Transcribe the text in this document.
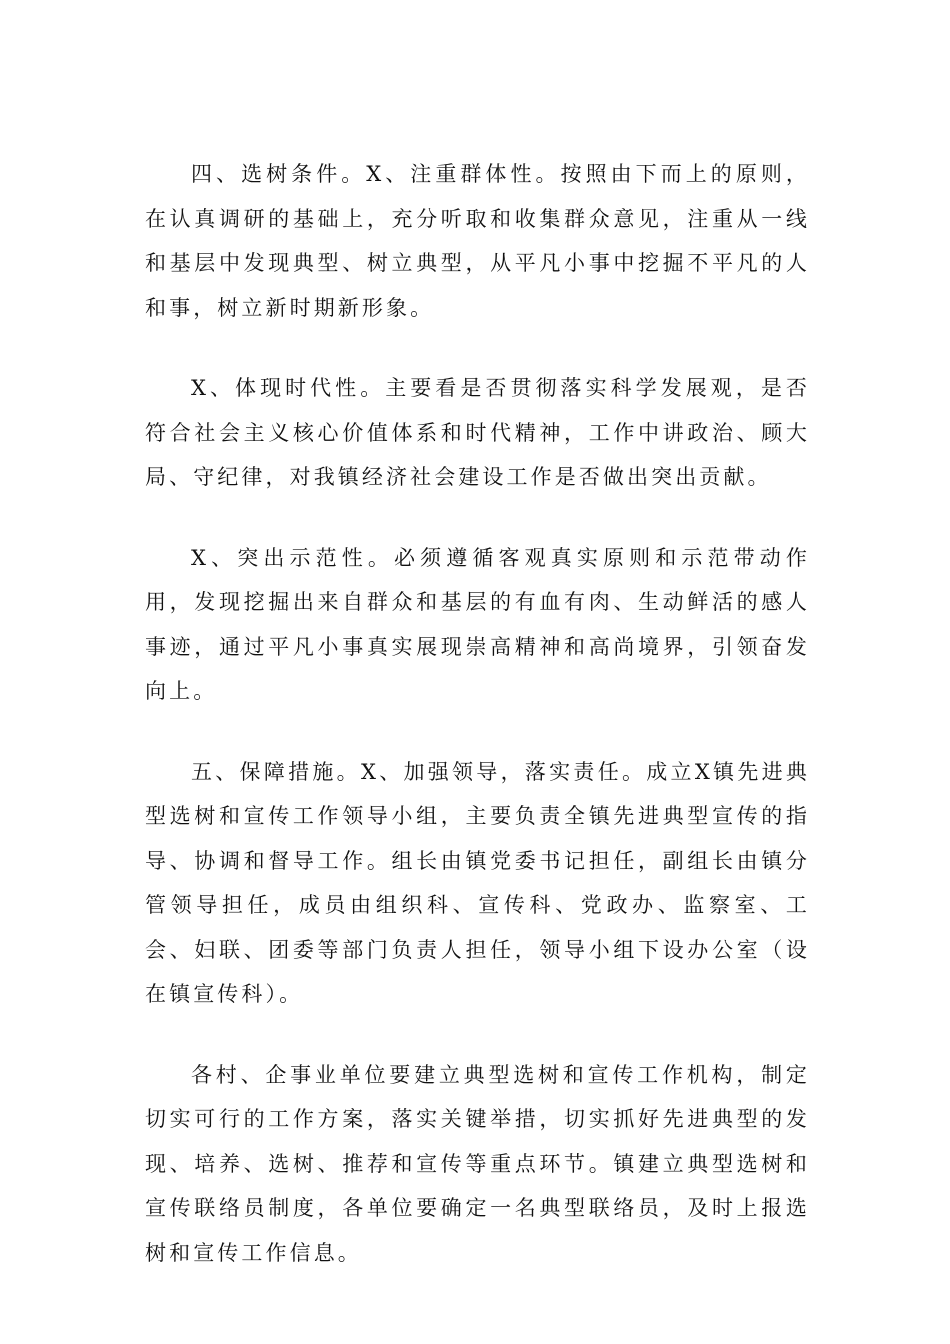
四、选树条件。X、注重群体性。按照由下而上的原则，在认真调研的基础上，充分听取和收集群众意见，注重从一线和基层中发现典型、树立典型，从平凡小事中挖掘不平凡的人和事，树立新时期新形象。

X、体现时代性。主要看是否贯彻落实科学发展观，是否符合社会主义核心价值体系和时代精神，工作中讲政治、顾大局、守纪律，对我镇经济社会建设工作是否做出突出贡献。

X、突出示范性。必须遵循客观真实原则和示范带动作用，发现挖掘出来自群众和基层的有血有肉、生动鲜活的感人事迹，通过平凡小事真实展现崇高精神和高尚境界，引领奋发向上。

五、保障措施。X、加强领导，落实责任。成立X镇先进典型选树和宣传工作领导小组，主要负责全镇先进典型宣传的指导、协调和督导工作。组长由镇党委书记担任，副组长由镇分管领导担任，成员由组织科、宣传科、党政办、监察室、工会、妇联、团委等部门负责人担任，领导小组下设办公室（设在镇宣传科）。

各村、企事业单位要建立典型选树和宣传工作机构，制定切实可行的工作方案，落实关键举措，切实抓好先进典型的发现、培养、选树、推荐和宣传等重点环节。镇建立典型选树和宣传联络员制度，各单位要确定一名典型联络员，及时上报选树和宣传工作信息。
